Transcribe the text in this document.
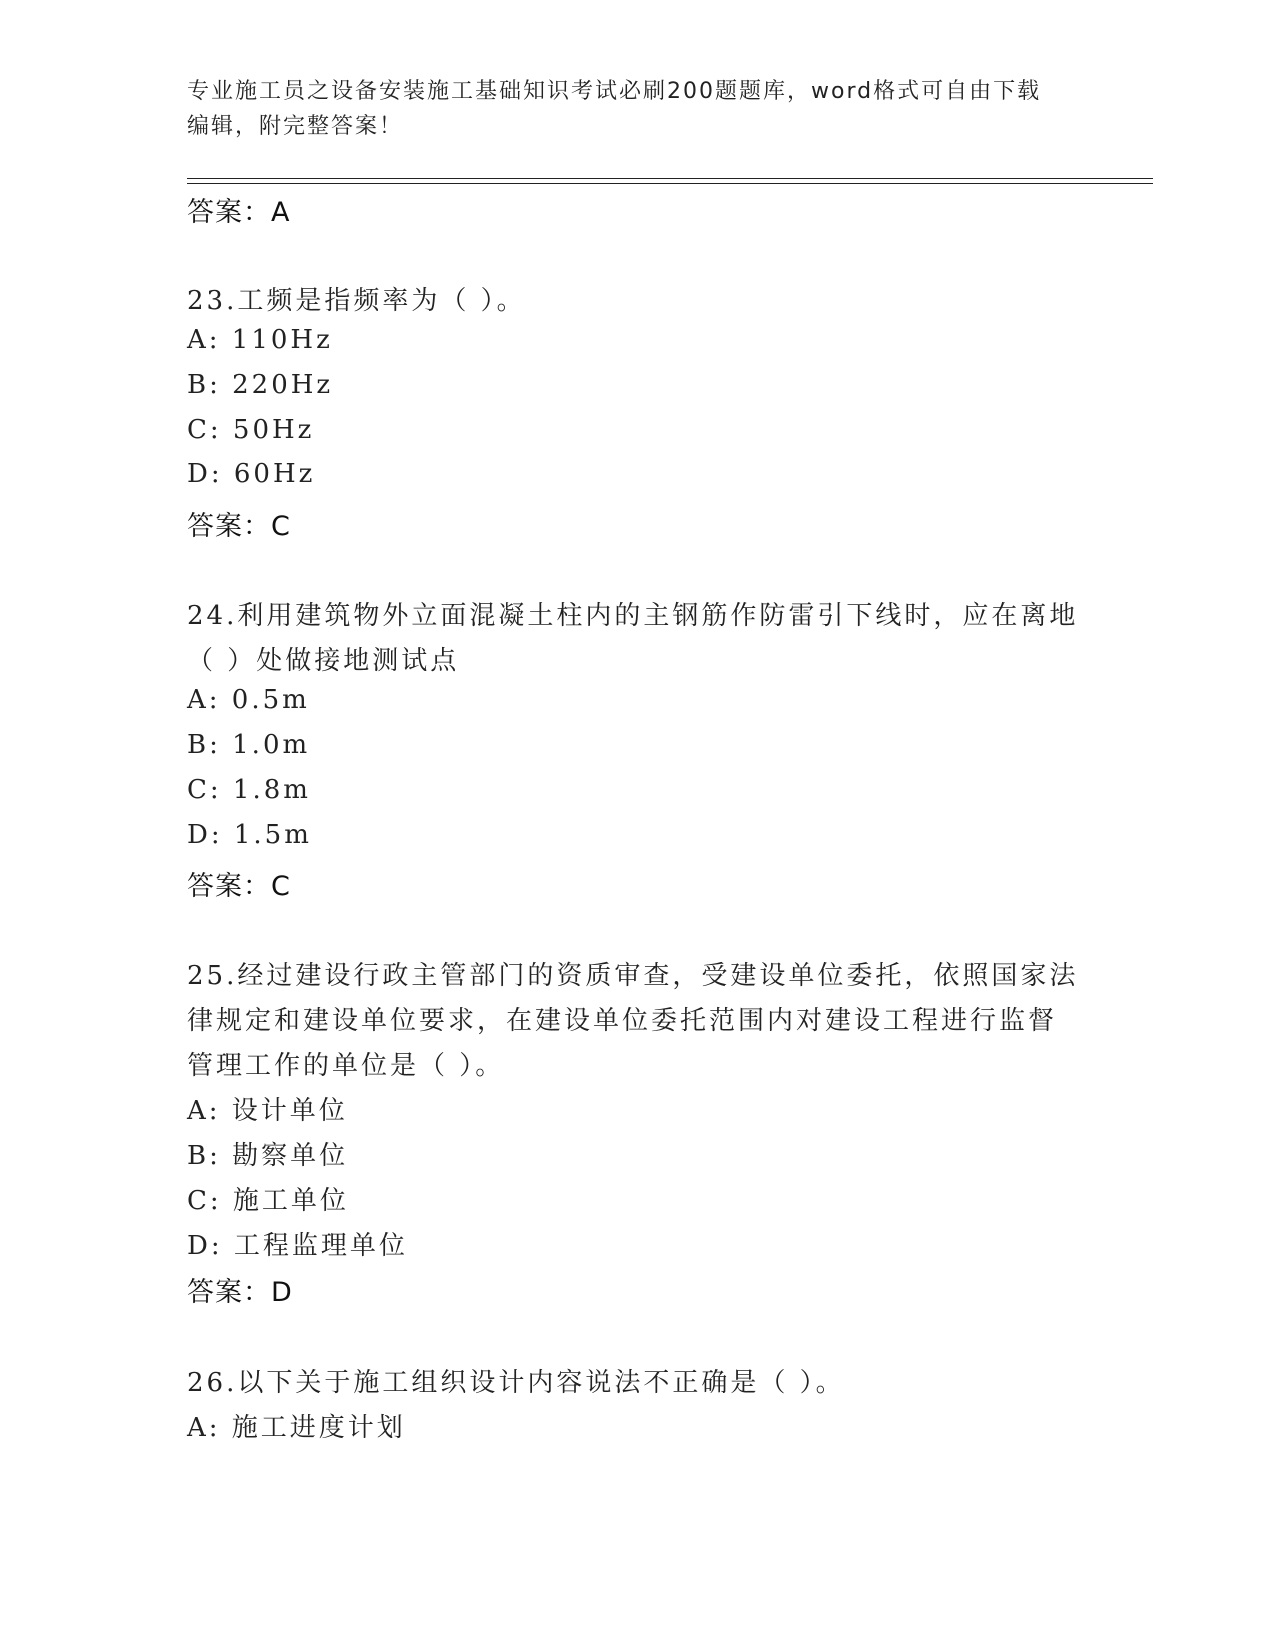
专业施工员之设备安装施工基础知识考试必刷200题题库，word格式可自由下载
编辑，附完整答案！
答案：A
23.工频是指频率为（ ）。
A: 110Hz
B: 220Hz
C: 50Hz
D: 60Hz
答案：C
24.利用建筑物外立面混凝土柱内的主钢筋作防雷引下线时，应在离地
（ ）处做接地测试点
A: 0.5m
B: 1.0m
C: 1.8m
D: 1.5m
答案：C
25.经过建设行政主管部门的资质审查，受建设单位委托，依照国家法
律规定和建设单位要求，在建设单位委托范围内对建设工程进行监督
管理工作的单位是（ ）。
A: 设计单位
B: 勘察单位
C: 施工单位
D: 工程监理单位
答案：D
26.以下关于施工组织设计内容说法不正确是（ ）。
A: 施工进度计划
